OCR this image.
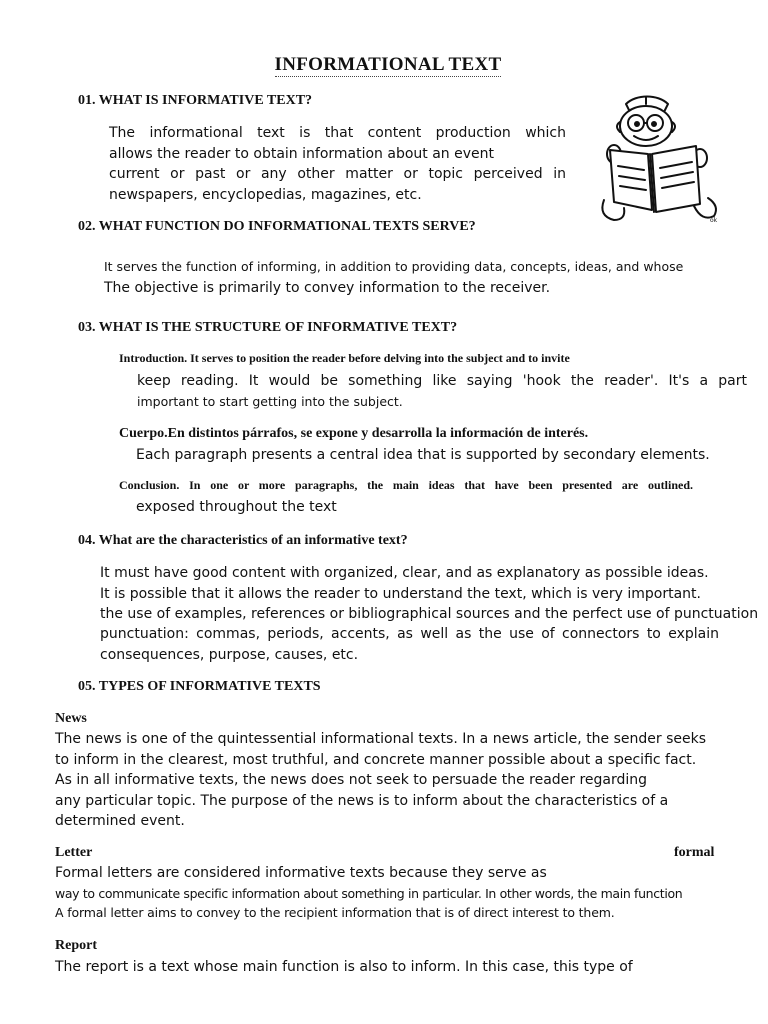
INFORMATIONAL TEXT
01. WHAT IS INFORMATIVE TEXT?
The informational text is that content production which
allows the reader to obtain information about an event
current or past or any other matter or topic perceived in
newspapers, encyclopedias, magazines, etc.
ok
02. WHAT FUNCTION DO INFORMATIONAL TEXTS SERVE?
It serves the function of informing, in addition to providing data, concepts, ideas, and whose
The objective is primarily to convey information to the receiver.
03. WHAT IS THE STRUCTURE OF INFORMATIVE TEXT?
Introduction. It serves to position the reader before delving into the subject and to invite
keep reading. It would be something like saying 'hook the reader'. It's a part
important to start getting into the subject.
Cuerpo.En distintos párrafos, se expone y desarrolla la información de interés.
Each paragraph presents a central idea that is supported by secondary elements.
Conclusion. In one or more paragraphs, the main ideas that have been presented are outlined.
exposed throughout the text
04. What are the characteristics of an informative text?
It must have good content with organized, clear, and as explanatory as possible ideas.
It is possible that it allows the reader to understand the text, which is very important.
the use of examples, references or bibliographical sources and the perfect use of punctuation
punctuation: commas, periods, accents, as well as the use of connectors to explain
consequences, purpose, causes, etc.
05. TYPES OF INFORMATIVE TEXTS
News
The news is one of the quintessential informational texts. In a news article, the sender seeks
to inform in the clearest, most truthful, and concrete manner possible about a specific fact.
As in all informative texts, the news does not seek to persuade the reader regarding
any particular topic. The purpose of the news is to inform about the characteristics of a
determined event.
Letter	formal
Formal letters are considered informative texts because they serve as
way to communicate specific information about something in particular. In other words, the main function
A formal letter aims to convey to the recipient information that is of direct interest to them.
Report
The report is a text whose main function is also to inform. In this case, this type of
